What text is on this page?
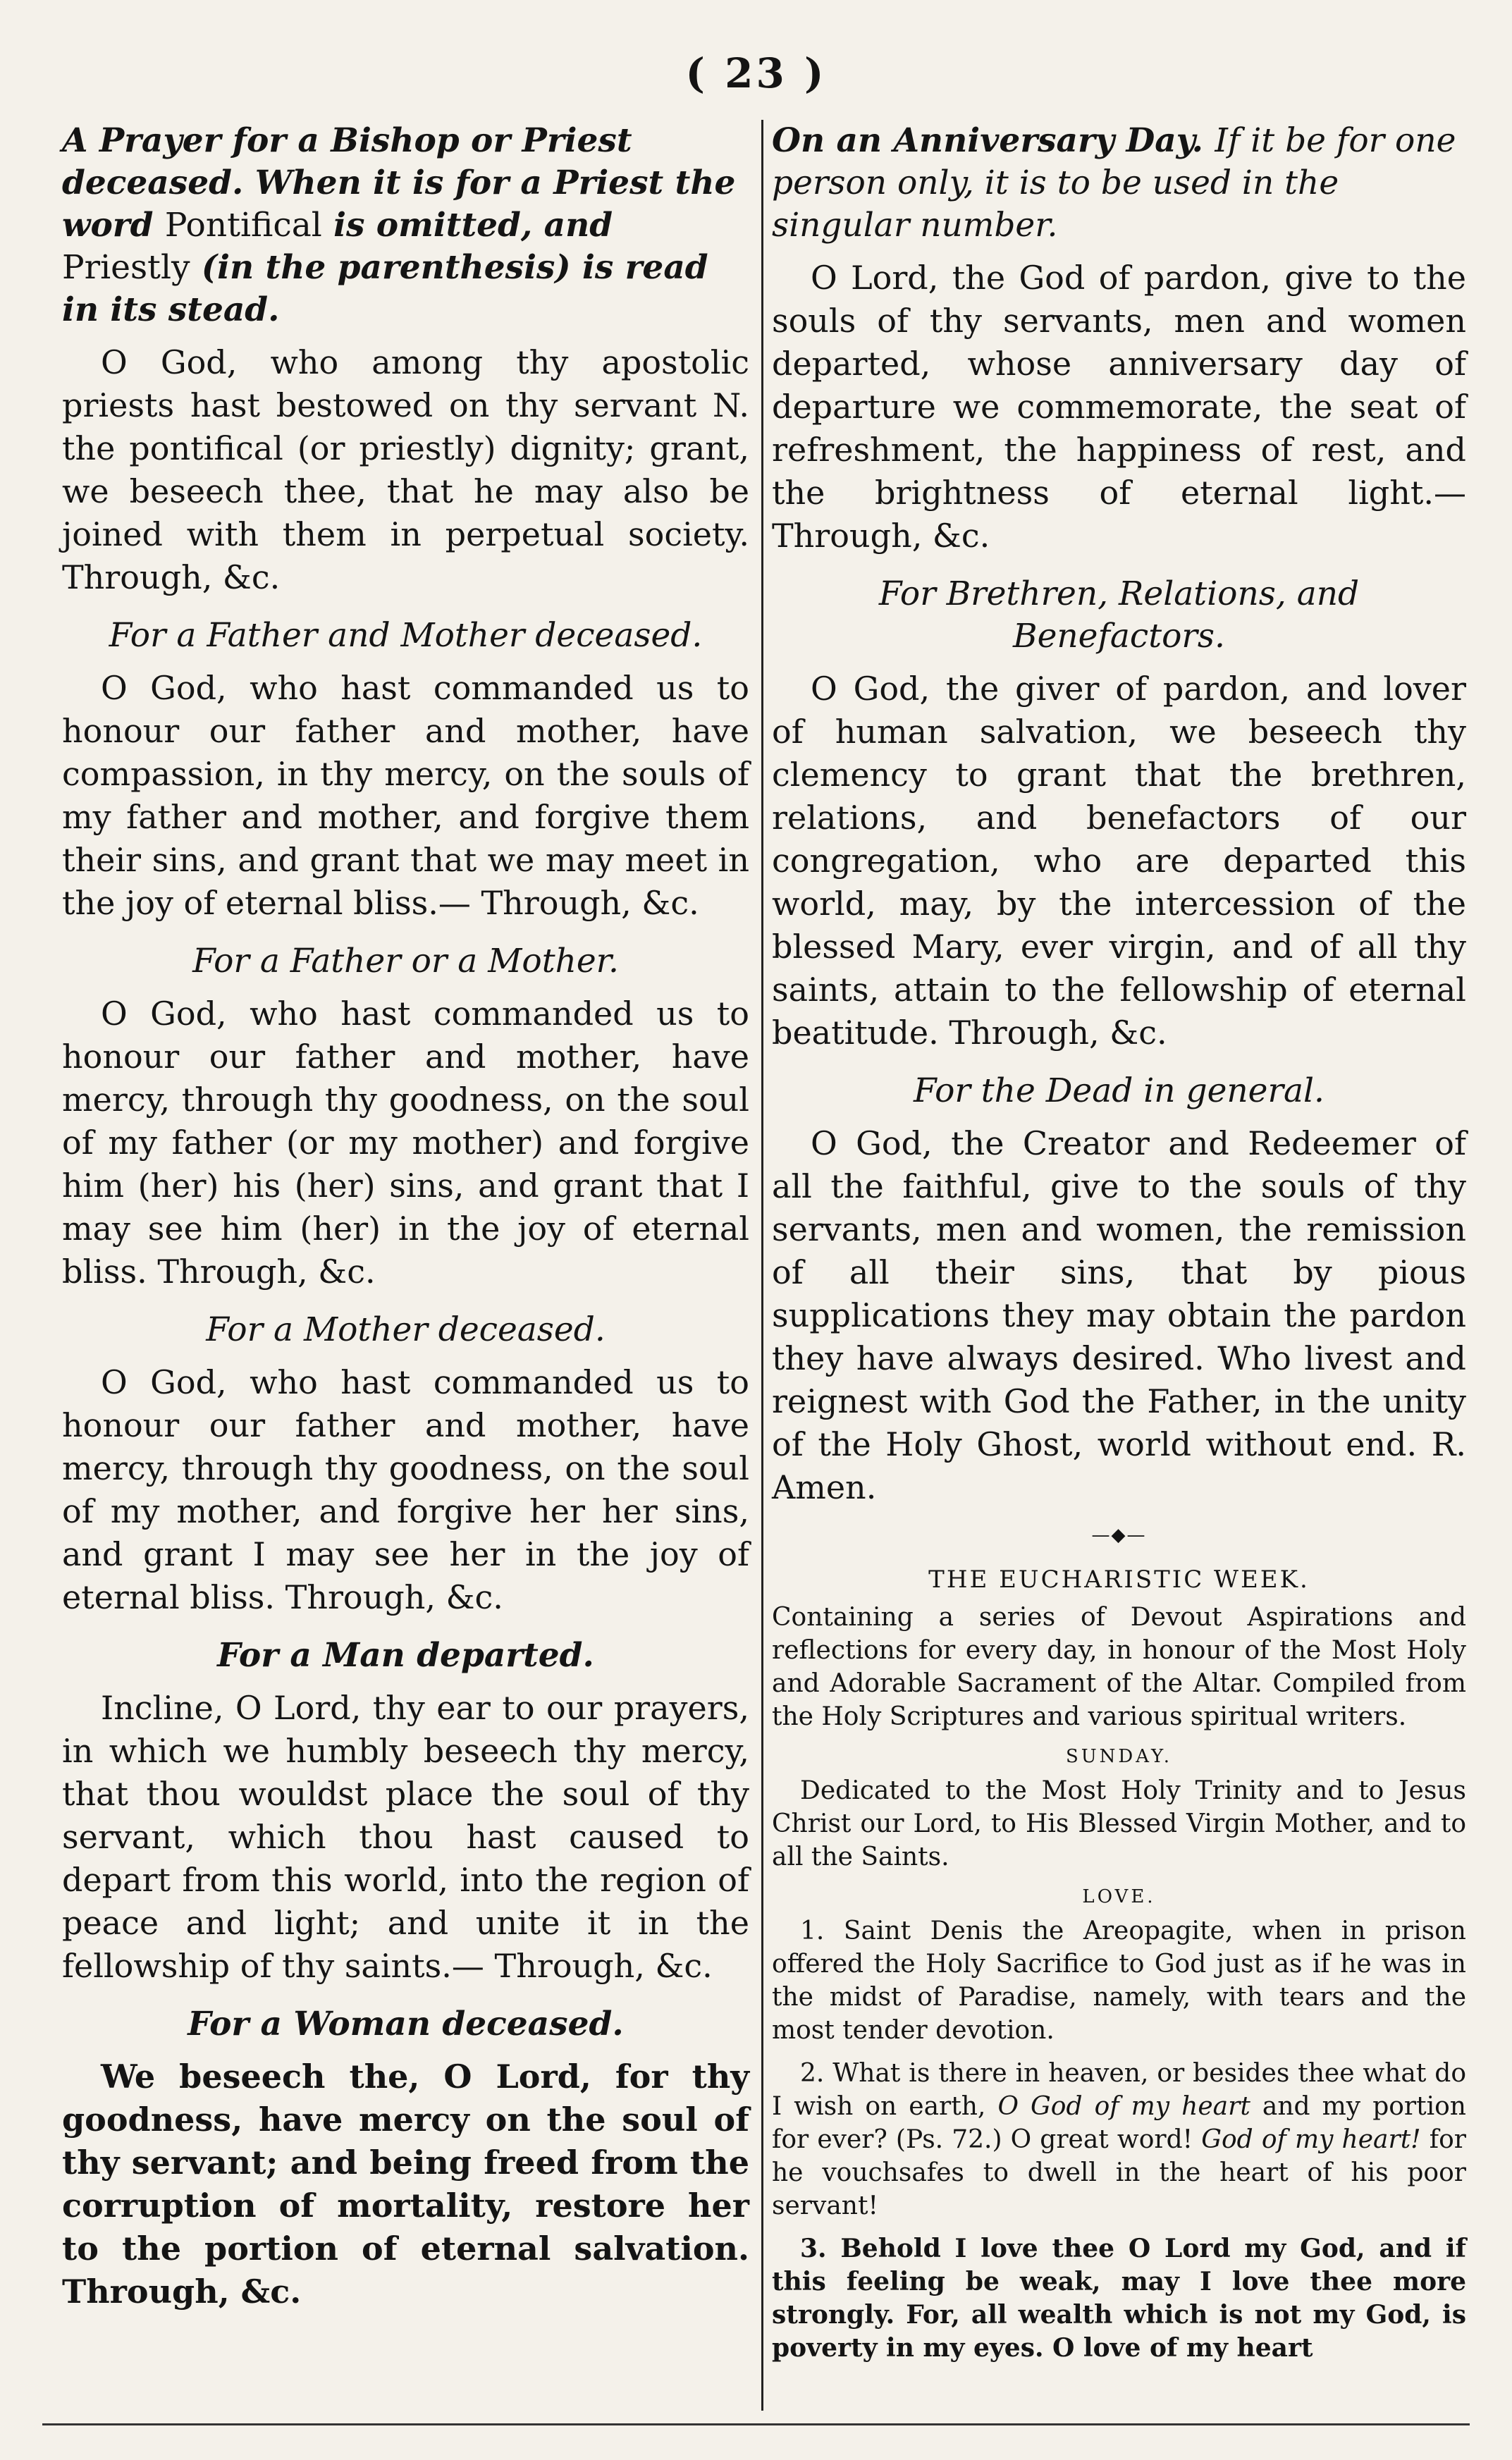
( 23 )

A Prayer for a Bishop or Priest deceased. When it is for a Priest the word Pontifical is omitted, and Priestly (in the parenthesis) is read in its stead.

O God, who among thy apostolic priests hast bestowed on thy servant N. the pontifical (or priestly) dignity; grant, we beseech thee, that he may also be joined with them in perpetual society. Through, &c.

For a Father and Mother deceased.

O God, who hast commanded us to honour our father and mother, have compassion, in thy mercy, on the souls of my father and mother, and forgive them their sins, and grant that we may meet in the joy of eternal bliss.— Through, &c.

For a Father or a Mother.

O God, who hast commanded us to honour our father and mother, have mercy, through thy goodness, on the soul of my father (or my mother) and forgive him (her) his (her) sins, and grant that I may see him (her) in the joy of eternal bliss. Through, &c.

For a Mother deceased.

O God, who hast commanded us to honour our father and mother, have mercy, through thy goodness, on the soul of my mother, and forgive her her sins, and grant I may see her in the joy of eternal bliss. Through, &c.

For a Man departed.

Incline, O Lord, thy ear to our prayers, in which we humbly beseech thy mercy, that thou wouldst place the soul of thy servant, which thou hast caused to depart from this world, into the region of peace and light; and unite it in the fellowship of thy saints.— Through, &c.

For a Woman deceased.

We beseech the, O Lord, for thy goodness, have mercy on the soul of thy servant; and being freed from the corruption of mortality, restore her to the portion of eternal salvation. Through, &c.

On an Anniversary Day. If it be for one person only, it is to be used in the singular number.

O Lord, the God of pardon, give to the souls of thy servants, men and women departed, whose anniversary day of departure we commemorate, the seat of refreshment, the happiness of rest, and the brightness of eternal light.— Through, &c.

For Brethren, Relations, and Benefactors.

O God, the giver of pardon, and lover of human salvation, we beseech thy clemency to grant that the brethren, relations, and benefactors of our congregation, who are departed this world, may, by the intercession of the blessed Mary, ever virgin, and of all thy saints, attain to the fellowship of eternal beatitude. Through, &c.

For the Dead in general.

O God, the Creator and Redeemer of all the faithful, give to the souls of thy servants, men and women, the remission of all their sins, that by pious supplications they may obtain the pardon they have always desired. Who livest and reignest with God the Father, in the unity of the Holy Ghost, world without end. R. Amen.

—◆—

THE EUCHARISTIC WEEK.

Containing a series of Devout Aspirations and reflections for every day, in honour of the Most Holy and Adorable Sacrament of the Altar. Compiled from the Holy Scriptures and various spiritual writers.

SUNDAY.

Dedicated to the Most Holy Trinity and to Jesus Christ our Lord, to His Blessed Virgin Mother, and to all the Saints.

LOVE.

1. Saint Denis the Areopagite, when in prison offered the Holy Sacrifice to God just as if he was in the midst of Paradise, namely, with tears and the most tender devotion.

2. What is there in heaven, or besides thee what do I wish on earth, O God of my heart and my portion for ever? (Ps. 72.) O great word! God of my heart! for he vouchsafes to dwell in the heart of his poor servant!

3. Behold I love thee O Lord my God, and if this feeling be weak, may I love thee more strongly. For, all wealth which is not my God, is poverty in my eyes. O love of my heart
